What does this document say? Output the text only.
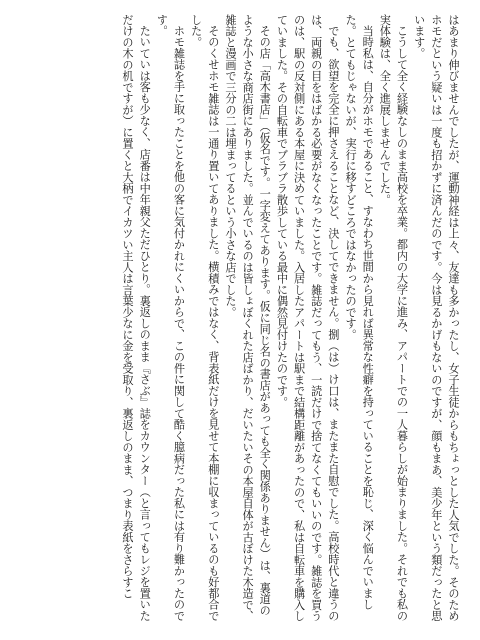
はあまり伸びませんでしたが、運動神経は上々、友達も多かったし、女子生徒からもちょっとした人気でした。そのためホモだという疑いは一度も招かずに済んだのです。今は見るかげもないのですが、顔もまあ、美少年という類だったと思います。

こうして全く経験なしのまま高校を卒業。都内の大学に進み、アパートでの一人暮らしが始まりました。それでも私の実体験は、全く進展しませんでした。

当時私は、自分がホモであること、すなわち世間から見れば異常な性癖を持っていることを恥じ、深く悩んでいました。とてもじゃないが、実行に移すどころではなかったのです。

でも、欲望を完全に押さえることなど、決してできません。捌（は）け口は、またまた自慰でした。高校時代と違うのは、両親の目をはばかる必要がなくなったことです。雑誌だってもう、一読だけで捨てなくてもいいのです。雑誌を買うのは、駅の反対側にある本屋に決めていました。入居したアパートは駅まで結構距離があったので、私は自転車を購入していました。その自転車でブラブラ散歩している最中に偶然見付けたのです。

その店「高木書店」（仮名です。一字変えてあります。仮に同じ名の書店があっても全く関係ありません）は、裏道のような小さな商店街にありました。並んでいるのは皆しょぼくれた店ばかり、だいたいその本屋自体が古ぼけた木造で、雑誌と漫画で三分の二は埋まってるという小さな店でした。

そのくせホモ雑誌は一通り置いてありました。横積みではなく、背表紙だけを見せて本棚に収まっているのも好都合でした。

ホモ雑誌を手に取ったことを他の客に気付かれにくいからで、この件に関して酷く臆病だった私には有り難かったのです。

たいていは客も少なく、店番は中年親父ただひとり。裏返しのまま『さぶ』誌をカウンター（と言ってもレジを置いただけの木の机ですが）に置くと大柄でイカツい主人は言葉少なに金を受取り、裏返しのまま、つまり表紙をさらすこ
